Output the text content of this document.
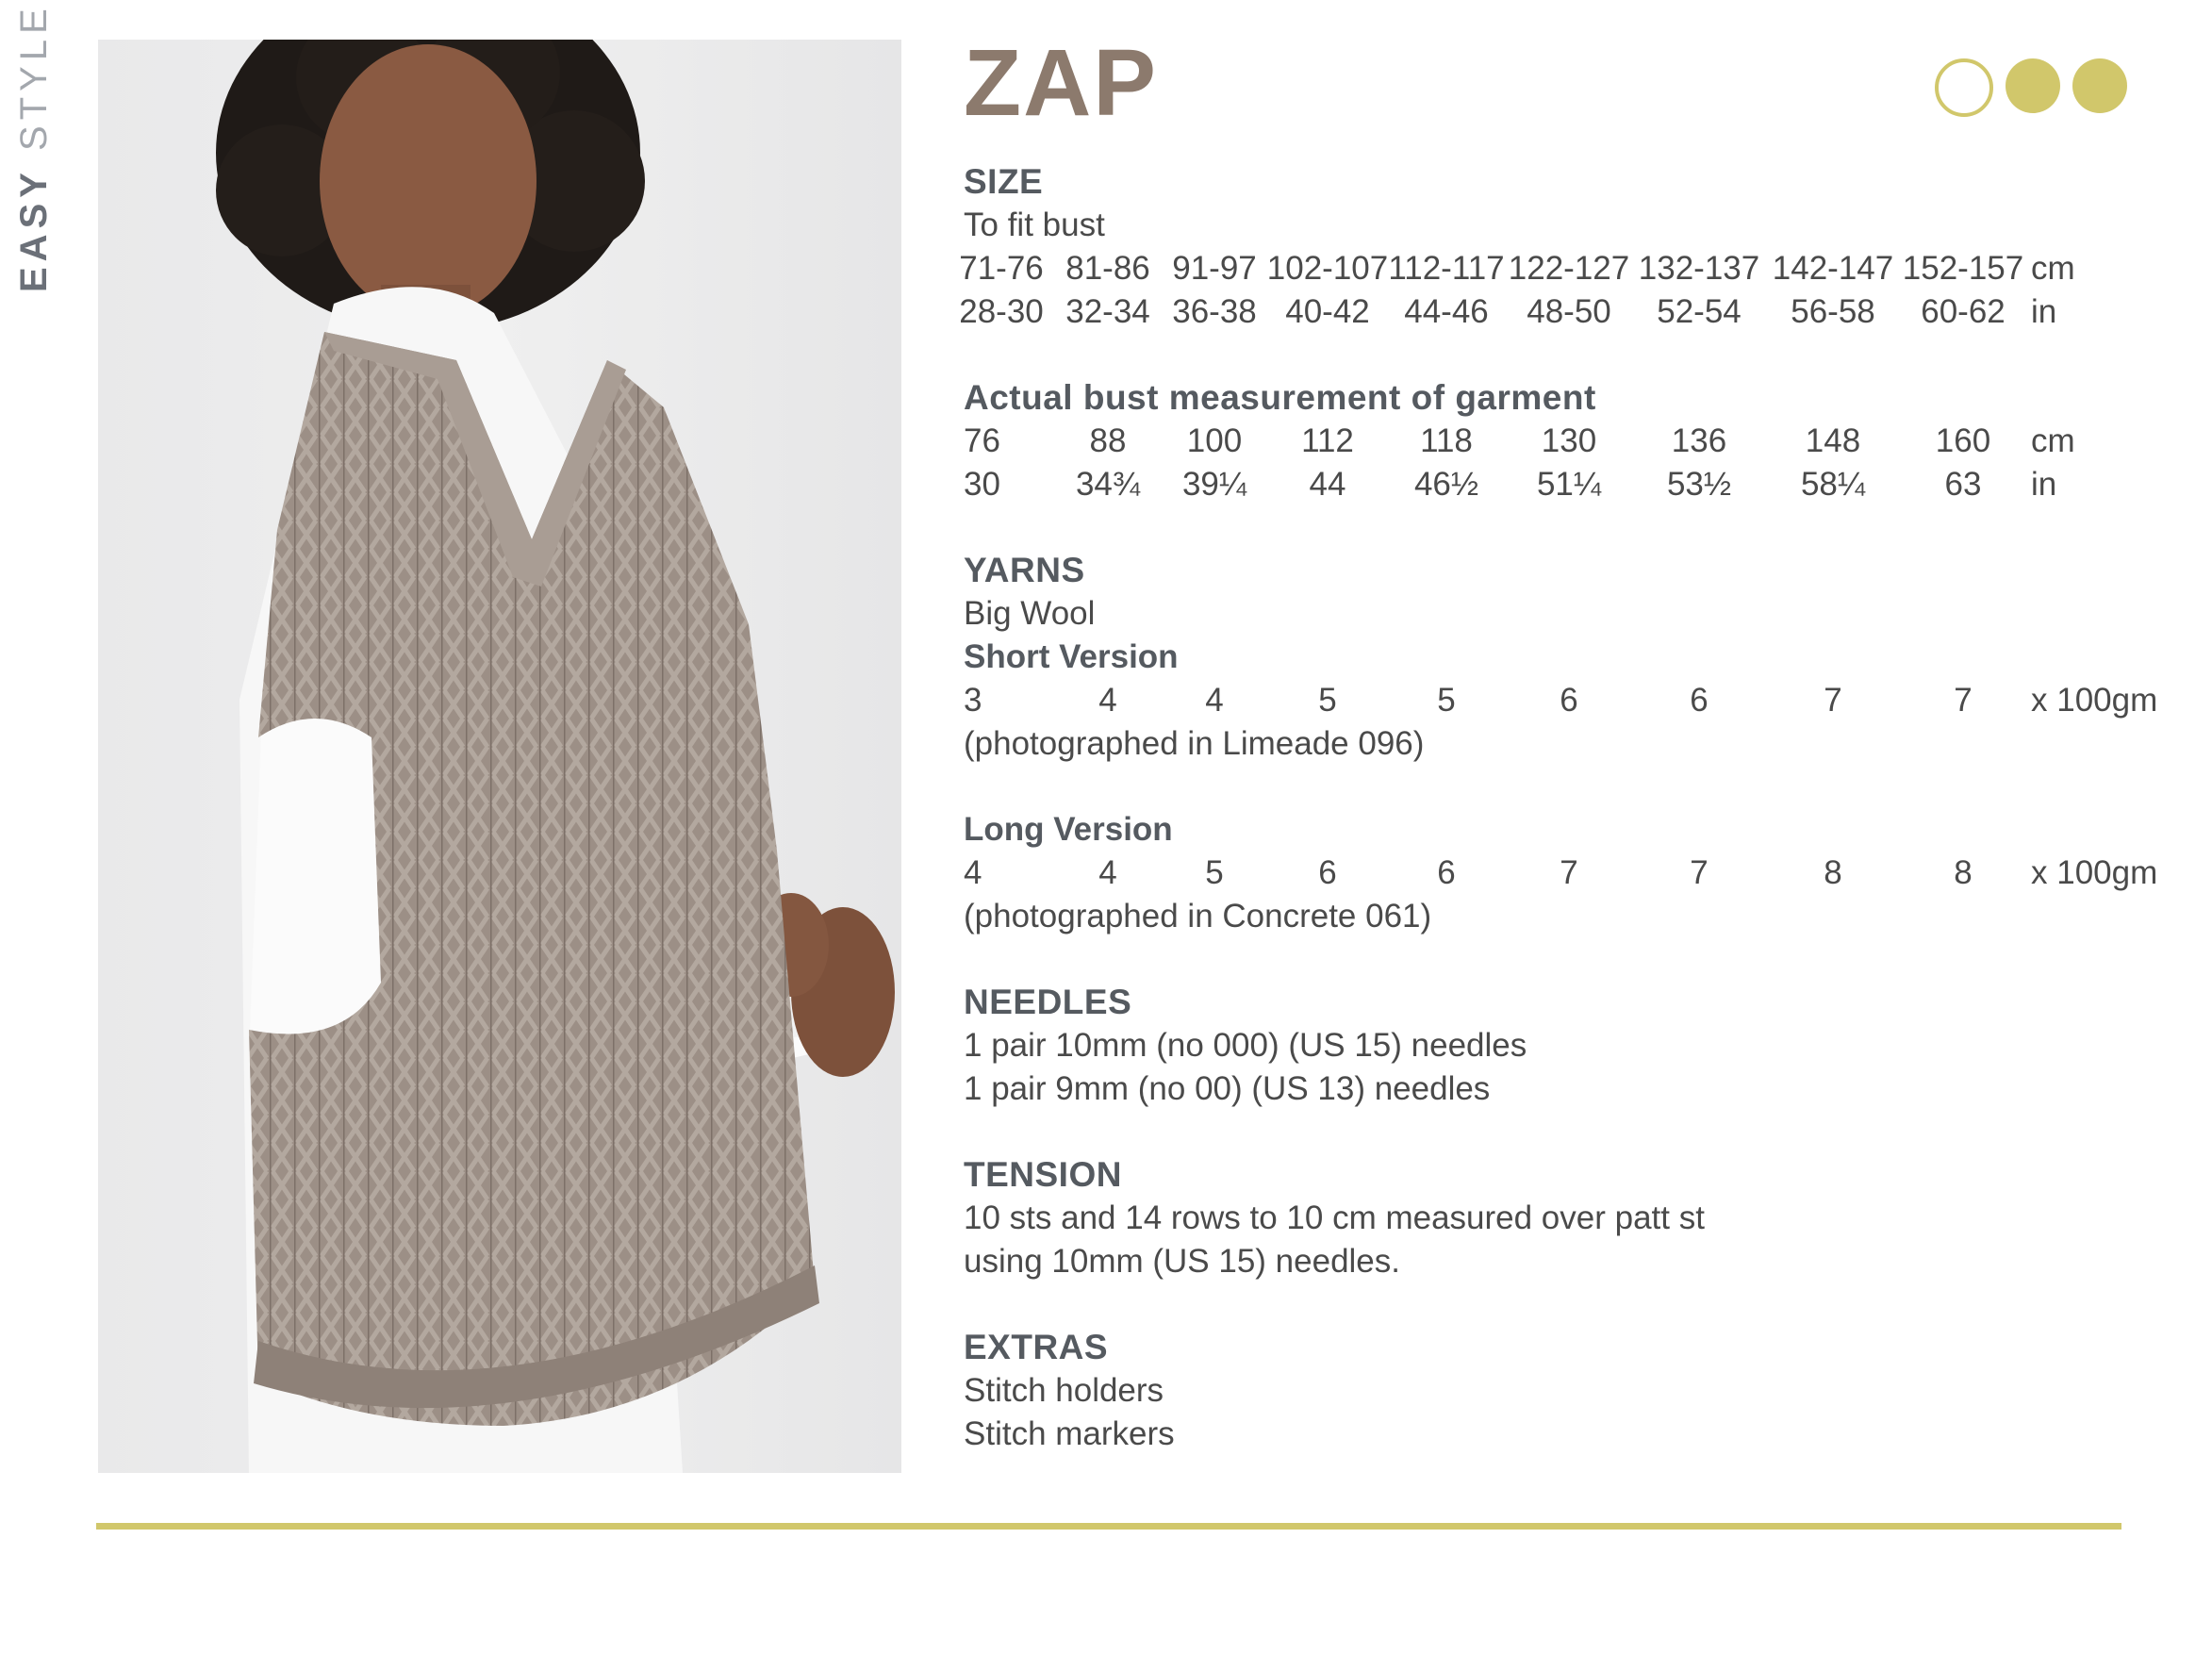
EASY STYLE	ZAP
SIZE
To fit bust
71-76 81-86 91-97 102-107 112-117 122-127 132-137 142-147 152-157 cm
28-30 32-34 36-38 40-42 44-46 48-50 52-54 56-58 60-62 in
Actual bust measurement of garment
76	88 100 112 118 130 136 148 160 cm
30 34¾ 39¼ 44 46½ 51¼ 53½ 58¼ 63 in
YARNS
Big Wool
Short Version
3	4	4	5	5	6	6	7	7 x 100gm
(photographed in Limeade 096)
Long Version
4	4	5	6	6	7	7	8	8 x 100gm
(photographed in Concrete 061)
NEEDLES
1 pair 10mm (no 000) (US 15) needles
1 pair 9mm (no 00) (US 13) needles
TENSION
10 sts and 14 rows to 10 cm measured over patt st
using 10mm (US 15) needles.
EXTRAS
Stitch holders
Stitch markers
